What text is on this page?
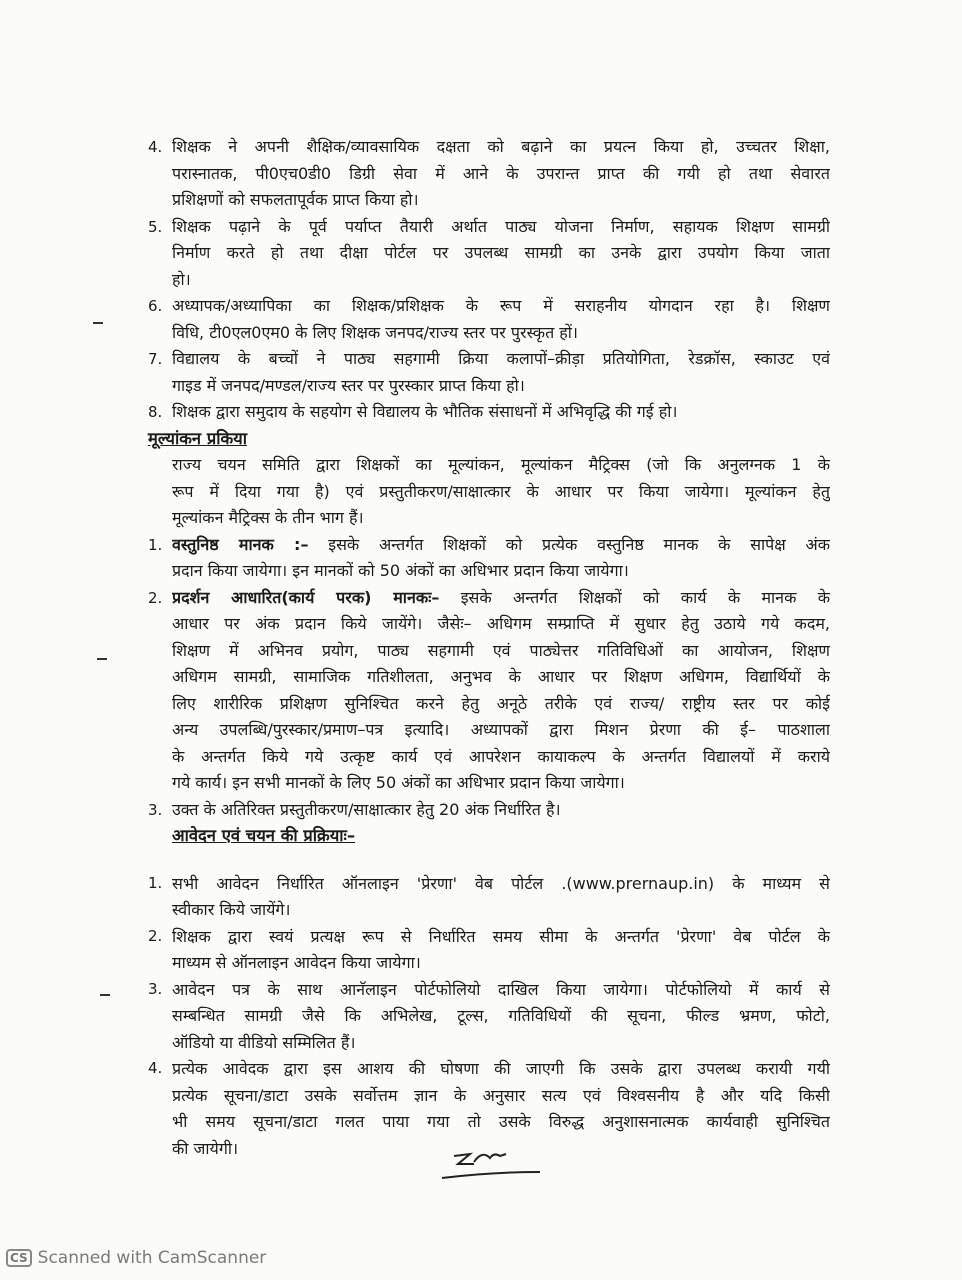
4. शिक्षक ने अपनी शैक्षिक/व्यावसायिक दक्षता को बढ़ाने का प्रयत्न किया हो, उच्चतर शिक्षा,
परास्नातक, पी0एच0डी0 डिग्री सेवा में आने के उपरान्त प्राप्त की गयी हो तथा सेवारत
प्रशिक्षणों को सफलतापूर्वक प्राप्त किया हो।
5. शिक्षक पढ़ाने के पूर्व पर्याप्त तैयारी अर्थात पाठ्य योजना निर्माण, सहायक शिक्षण सामग्री
निर्माण करते हो तथा दीक्षा पोर्टल पर उपलब्ध सामग्री का उनके द्वारा उपयोग किया जाता
हो।
6. अध्यापक/अध्यापिका का शिक्षक/प्रशिक्षक के रूप में सराहनीय योगदान रहा है। शिक्षण
विधि, टी0एल0एम0 के लिए शिक्षक जनपद/राज्य स्तर पर पुरस्कृत हों।
7. विद्यालय के बच्चों ने पाठ्य सहगामी क्रिया कलापों–क्रीड़ा प्रतियोगिता, रेडक्रॉस, स्काउट एवं
गाइड में जनपद/मण्डल/राज्य स्तर पर पुरस्कार प्राप्त किया हो।
8. शिक्षक द्वारा समुदाय के सहयोग से विद्यालय के भौतिक संसाधनों में अभिवृद्धि की गई हो।
मूल्यांकन प्रकिया
राज्य चयन समिति द्वारा शिक्षकों का मूल्यांकन, मूल्यांकन मैट्रिक्स (जो कि अनुलग्नक 1 के
रूप में दिया गया है) एवं प्रस्तुतीकरण/साक्षात्कार के आधार पर किया जायेगा। मूल्यांकन हेतु
मूल्यांकन मैट्रिक्स के तीन भाग हैं।
1. वस्तुनिष्ठ मानक :– इसके अन्तर्गत शिक्षकों को प्रत्येक वस्तुनिष्ठ मानक के सापेक्ष अंक
प्रदान किया जायेगा। इन मानकों को 50 अंकों का अधिभार प्रदान किया जायेगा।
2. प्रदर्शन आधारित(कार्य परक) मानकः– इसके अन्तर्गत शिक्षकों को कार्य के मानक के
आधार पर अंक प्रदान किये जायेंगे। जैसेः– अधिगम सम्प्राप्ति में सुधार हेतु उठाये गये कदम,
शिक्षण में अभिनव प्रयोग, पाठ्य सहगामी एवं पाठ्येत्तर गतिविधिओं का आयोजन, शिक्षण
अधिगम सामग्री, सामाजिक गतिशीलता, अनुभव के आधार पर शिक्षण अधिगम, विद्यार्थियों के
लिए शारीरिक प्रशिक्षण सुनिश्चित करने हेतु अनूठे तरीके एवं राज्य/ राष्ट्रीय स्तर पर कोई
अन्य उपलब्धि/पुरस्कार/प्रमाण–पत्र इत्यादि। अध्यापकों द्वारा मिशन प्रेरणा की ई– पाठशाला
के अन्तर्गत किये गये उत्कृष्ट कार्य एवं आपरेशन कायाकल्प के अन्तर्गत विद्यालयों में कराये
गये कार्य। इन सभी मानकों के लिए 50 अंकों का अधिभार प्रदान किया जायेगा।
3. उक्त के अतिरिक्त प्रस्तुतीकरण/साक्षात्कार हेतु 20 अंक निर्धारित है।
आवेदन एवं चयन की प्रक्रियाः–
1. सभी आवेदन निर्धारित ऑनलाइन 'प्रेरणा' वेब पोर्टल .(www.prernaup.in) के माध्यम से
स्वीकार किये जायेंगे।
2. शिक्षक द्वारा स्वयं प्रत्यक्ष रूप से निर्धारित समय सीमा के अन्तर्गत 'प्रेरणा' वेब पोर्टल के
माध्यम से ऑनलाइन आवेदन किया जायेगा।
3. आवेदन पत्र के साथ आनॅलाइन पोर्टफोलियो दाखिल किया जायेगा। पोर्टफोलियो में कार्य से
सम्बन्धित सामग्री जैसे कि अभिलेख, टूल्स, गतिविधियों की सूचना, फील्ड भ्रमण, फोटो,
ऑडियो या वीडियो सम्मिलित हैं।
4. प्रत्येक आवेदक द्वारा इस आशय की घोषणा की जाएगी कि उसके द्वारा उपलब्ध करायी गयी
प्रत्येक सूचना/डाटा उसके सर्वोत्तम ज्ञान के अनुसार सत्य एवं विश्वसनीय है और यदि किसी
भी समय सूचना/डाटा गलत पाया गया तो उसके विरुद्ध अनुशासनात्मक कार्यवाही सुनिश्चित
की जायेगी।
CS Scanned with CamScanner
